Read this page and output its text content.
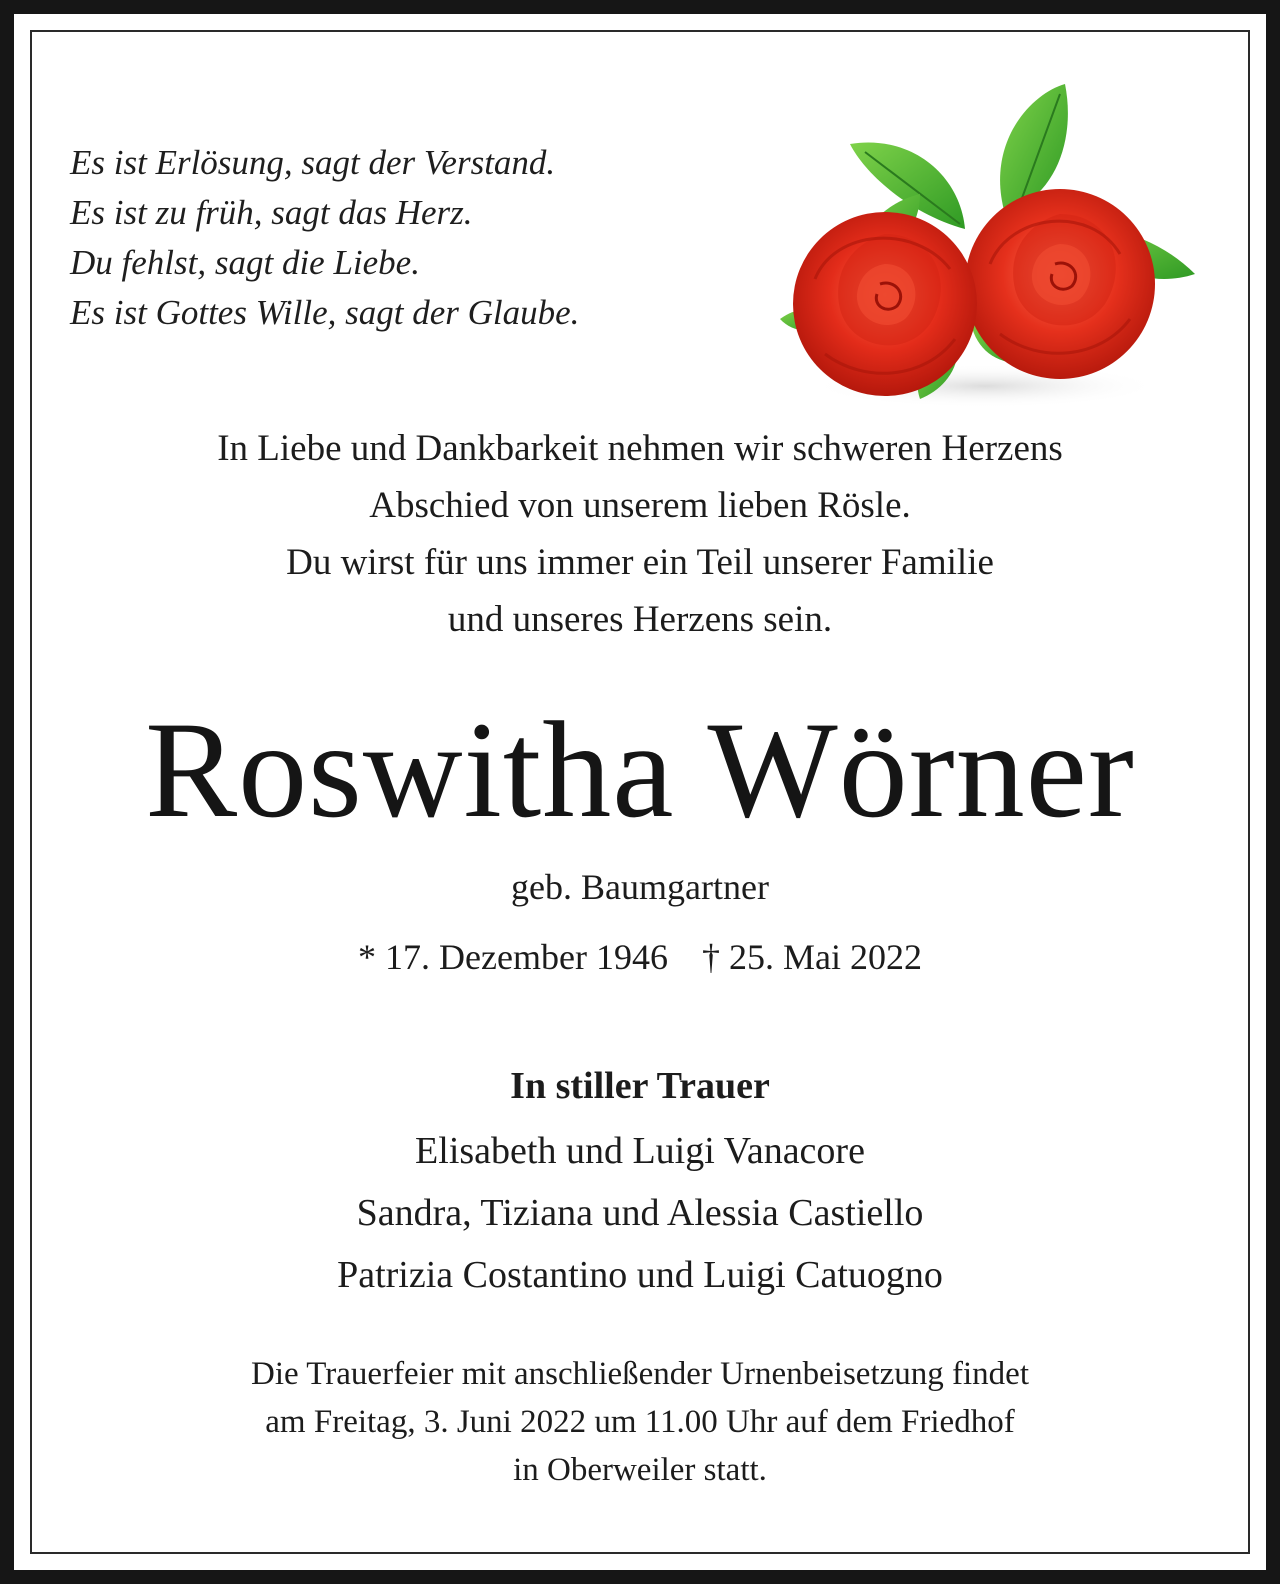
Es ist Erlösung, sagt der Verstand.
Es ist zu früh, sagt das Herz.
Du fehlst, sagt die Liebe.
Es ist Gottes Wille, sagt der Glaube.
In Liebe und Dankbarkeit nehmen wir schweren Herzens
Abschied von unserem lieben Rösle.
Du wirst für uns immer ein Teil unserer Familie
und unseres Herzens sein.
Roswitha Wörner
geb. Baumgartner
* 17. Dezember 1946 † 25. Mai 2022
In stiller Trauer
Elisabeth und Luigi Vanacore
Sandra, Tiziana und Alessia Castiello
Patrizia Costantino und Luigi Catuogno
Die Trauerfeier mit anschließender Urnenbeisetzung findet
am Freitag, 3. Juni 2022 um 11.00 Uhr auf dem Friedhof
in Oberweiler statt.
